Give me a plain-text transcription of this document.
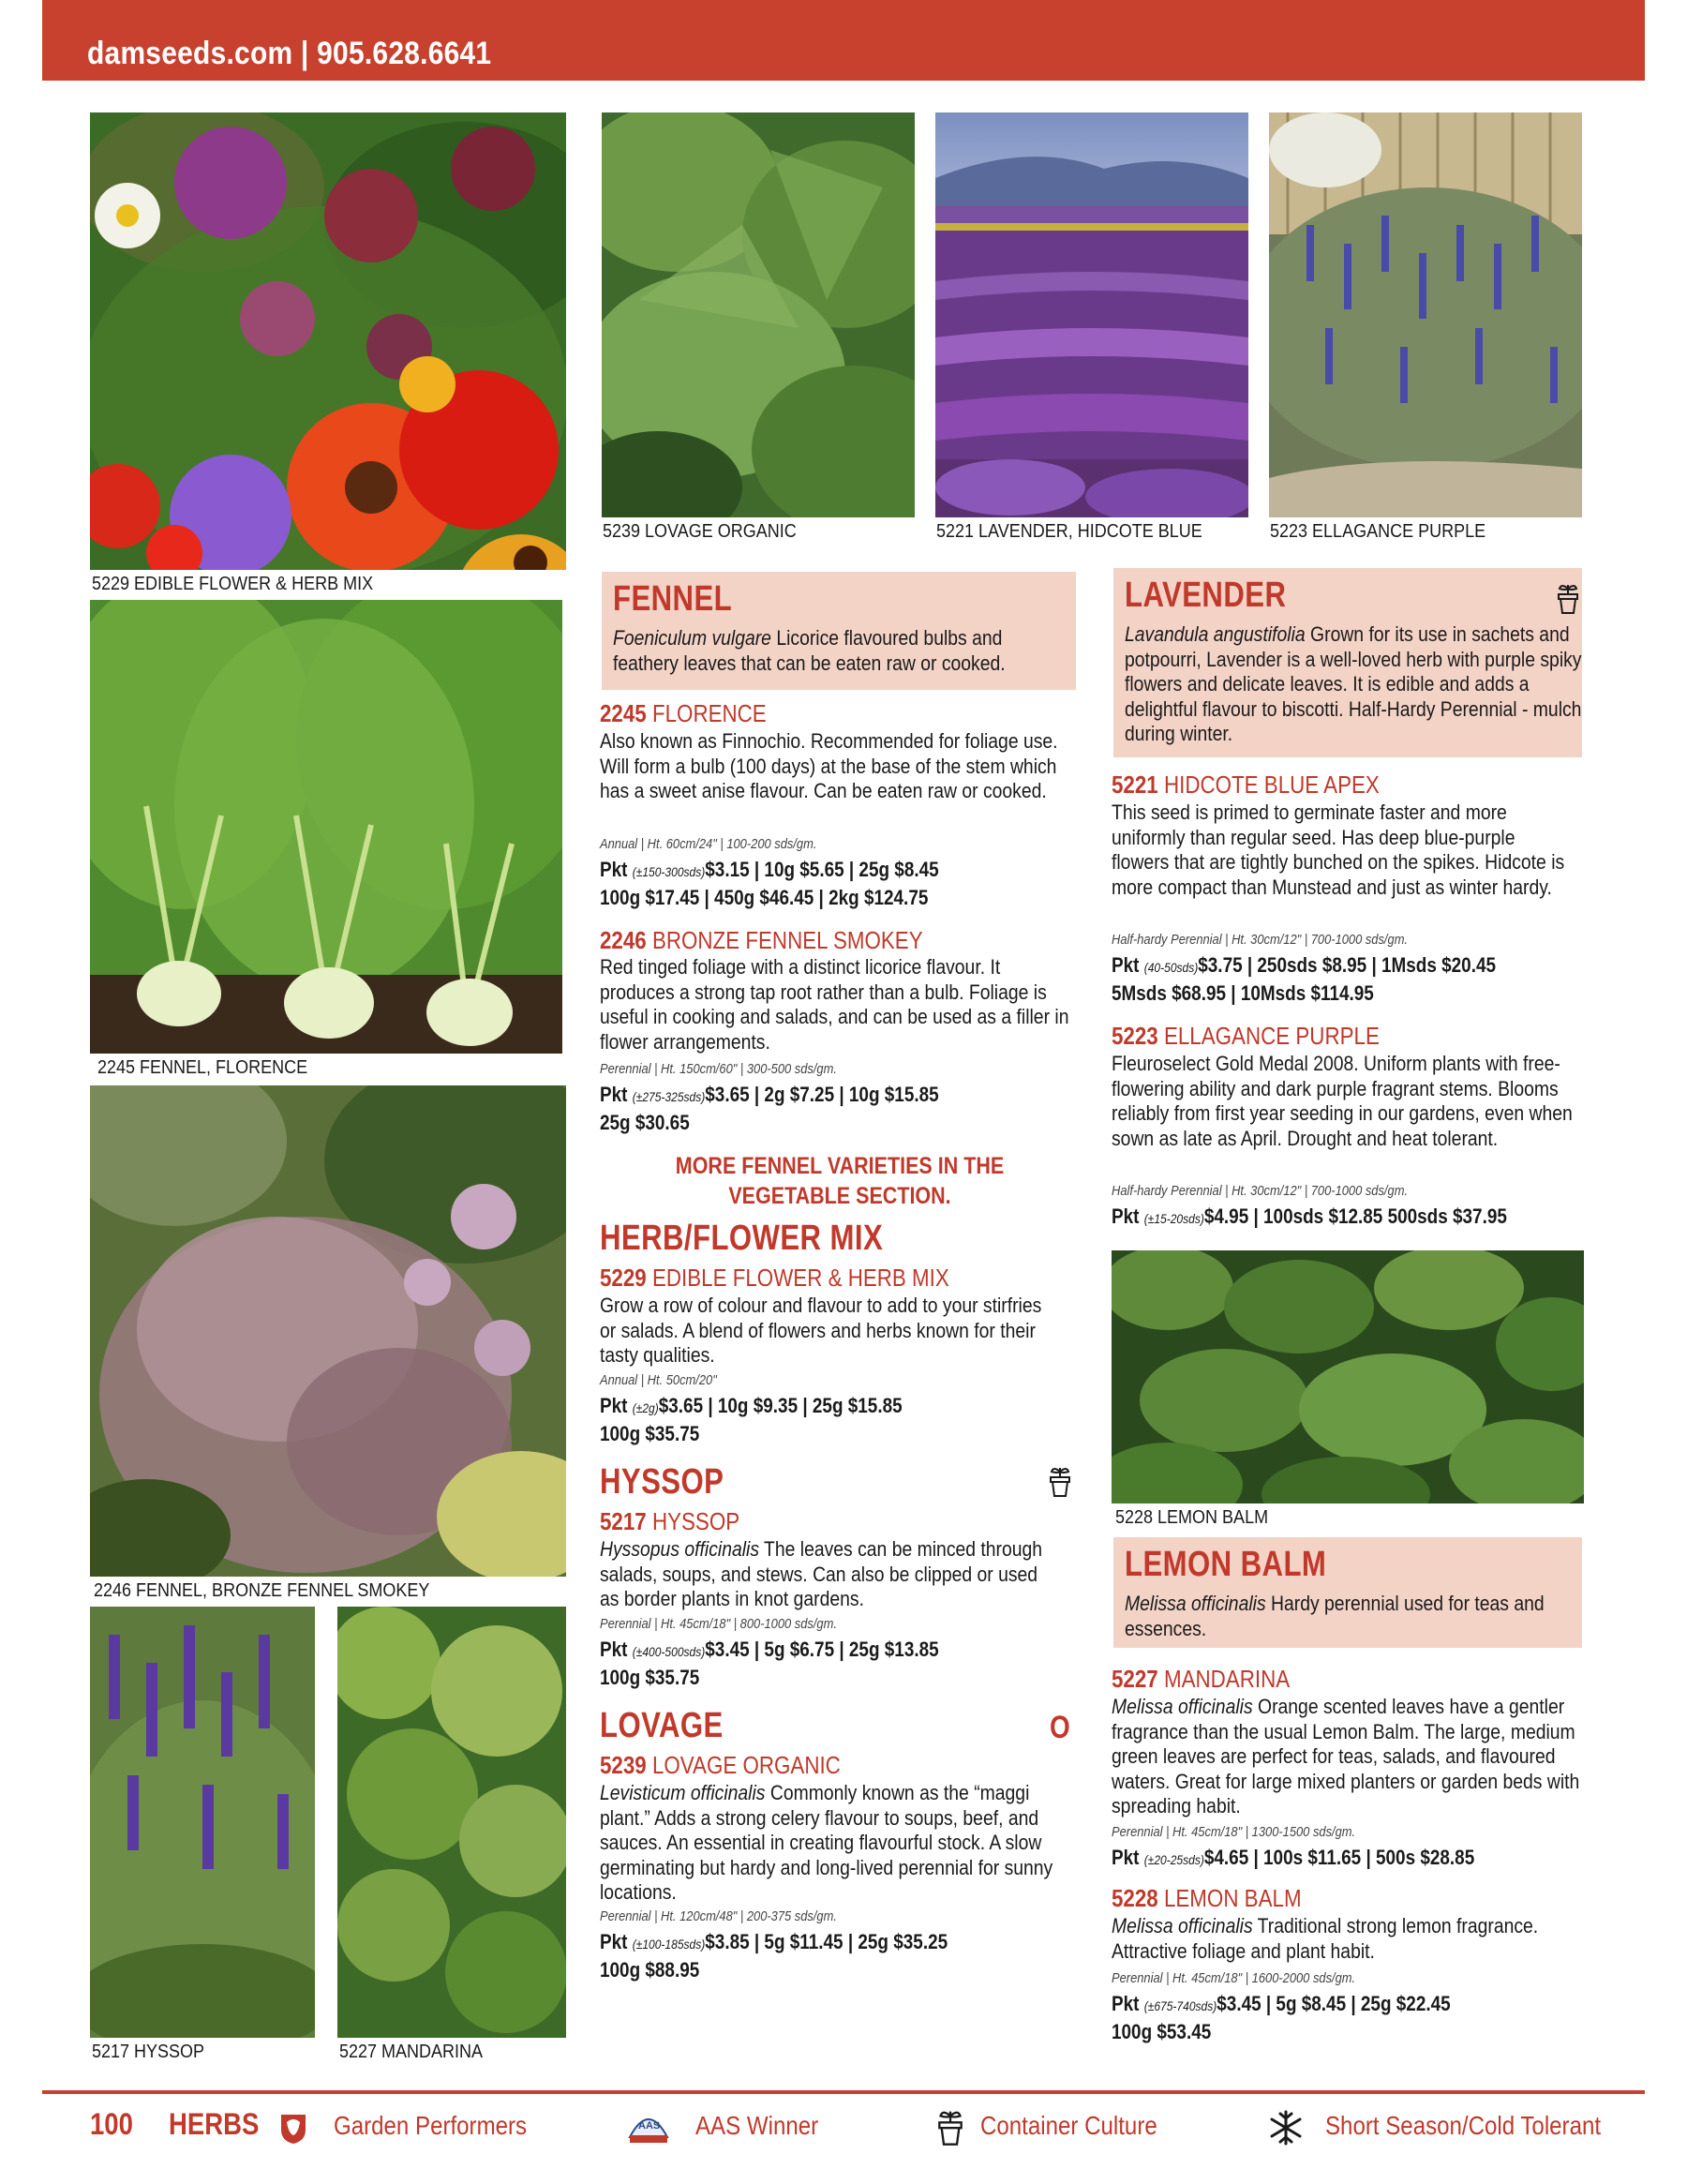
damseeds.com | 905.628.6641
5229 EDIBLE FLOWER & HERB MIX
5239 LOVAGE ORGANIC	5221 LAVENDER, HIDCOTE BLUE	5223 ELLAGANCE PURPLE
2245 FENNEL, FLORENCE
2246 FENNEL, BRONZE FENNEL SMOKEY
5217 HYSSOP	5227 MANDARINA
5228 LEMON BALM
FENNEL
Foeniculum vulgare Licorice flavoured bulbs and feathery leaves that can be eaten raw or cooked.
2245 FLORENCE
Also known as Finnochio. Recommended for foliage use. Will form a bulb (100 days) at the base of the stem which has a sweet anise flavour. Can be eaten raw or cooked.
Annual | Ht. 60cm/24" | 100-200 sds/gm.
Pkt (±150-300sds)$3.15 | 10g $5.65 | 25g $8.45
100g $17.45 | 450g $46.45 | 2kg $124.75
2246 BRONZE FENNEL SMOKEY
Red tinged foliage with a distinct licorice flavour. It produces a strong tap root rather than a bulb. Foliage is useful in cooking and salads, and can be used as a filler in flower arrangements.
Perennial | Ht. 150cm/60" | 300-500 sds/gm.
Pkt (±275-325sds)$3.65 | 2g $7.25 | 10g $15.85
25g $30.65
MORE FENNEL VARIETIES IN THE VEGETABLE SECTION.
HERB/FLOWER MIX
5229 EDIBLE FLOWER & HERB MIX
Grow a row of colour and flavour to add to your stirfries or salads. A blend of flowers and herbs known for their tasty qualities.
Annual | Ht. 50cm/20"
Pkt (±2g)$3.65 | 10g $9.35 | 25g $15.85
100g $35.75
HYSSOP
5217 HYSSOP
Hyssopus officinalis The leaves can be minced through salads, soups, and stews. Can also be clipped or used as border plants in knot gardens.
Perennial | Ht. 45cm/18" | 800-1000 sds/gm.
Pkt (±400-500sds)$3.45 | 5g $6.75 | 25g $13.85
100g $35.75
LOVAGE	O
5239 LOVAGE ORGANIC
Levisticum officinalis Commonly known as the “maggi plant.” Adds a strong celery flavour to soups, beef, and sauces. An essential in creating flavourful stock. A slow germinating but hardy and long-lived perennial for sunny locations.
Perennial | Ht. 120cm/48" | 200-375 sds/gm.
Pkt (±100-185sds)$3.85 | 5g $11.45 | 25g $35.25
100g $88.95
LAVENDER
Lavandula angustifolia Grown for its use in sachets and potpourri, Lavender is a well-loved herb with purple spiky flowers and delicate leaves. It is edible and adds a delightful flavour to biscotti. Half-Hardy Perennial - mulch during winter.
5221 HIDCOTE BLUE APEX
This seed is primed to germinate faster and more uniformly than regular seed. Has deep blue-purple flowers that are tightly bunched on the spikes. Hidcote is more compact than Munstead and just as winter hardy.
Half-hardy Perennial | Ht. 30cm/12" | 700-1000 sds/gm.
Pkt (40-50sds)$3.75 | 250sds $8.95 | 1Msds $20.45
5Msds $68.95 | 10Msds $114.95
5223 ELLAGANCE PURPLE
Fleuroselect Gold Medal 2008. Uniform plants with free-flowering ability and dark purple fragrant stems. Blooms reliably from first year seeding in our gardens, even when sown as late as April. Drought and heat tolerant.
Half-hardy Perennial | Ht. 30cm/12" | 700-1000 sds/gm.
Pkt (±15-20sds)$4.95 | 100sds $12.85 500sds $37.95
LEMON BALM
Melissa officinalis Hardy perennial used for teas and essences.
5227 MANDARINA
Melissa officinalis Orange scented leaves have a gentler fragrance than the usual Lemon Balm. The large, medium green leaves are perfect for teas, salads, and flavoured waters. Great for large mixed planters or garden beds with spreading habit.
Perennial | Ht. 45cm/18" | 1300-1500 sds/gm.
Pkt (±20-25sds)$4.65 | 100s $11.65 | 500s $28.85
5228 LEMON BALM
Melissa officinalis Traditional strong lemon fragrance. Attractive foliage and plant habit.
Perennial | Ht. 45cm/18" | 1600-2000 sds/gm.
Pkt (±675-740sds)$3.45 | 5g $8.45 | 25g $22.45
100g $53.45
100 HERBS	Garden Performers	AAS AAS Winner	Container Culture	Short Season/Cold Tolerant
